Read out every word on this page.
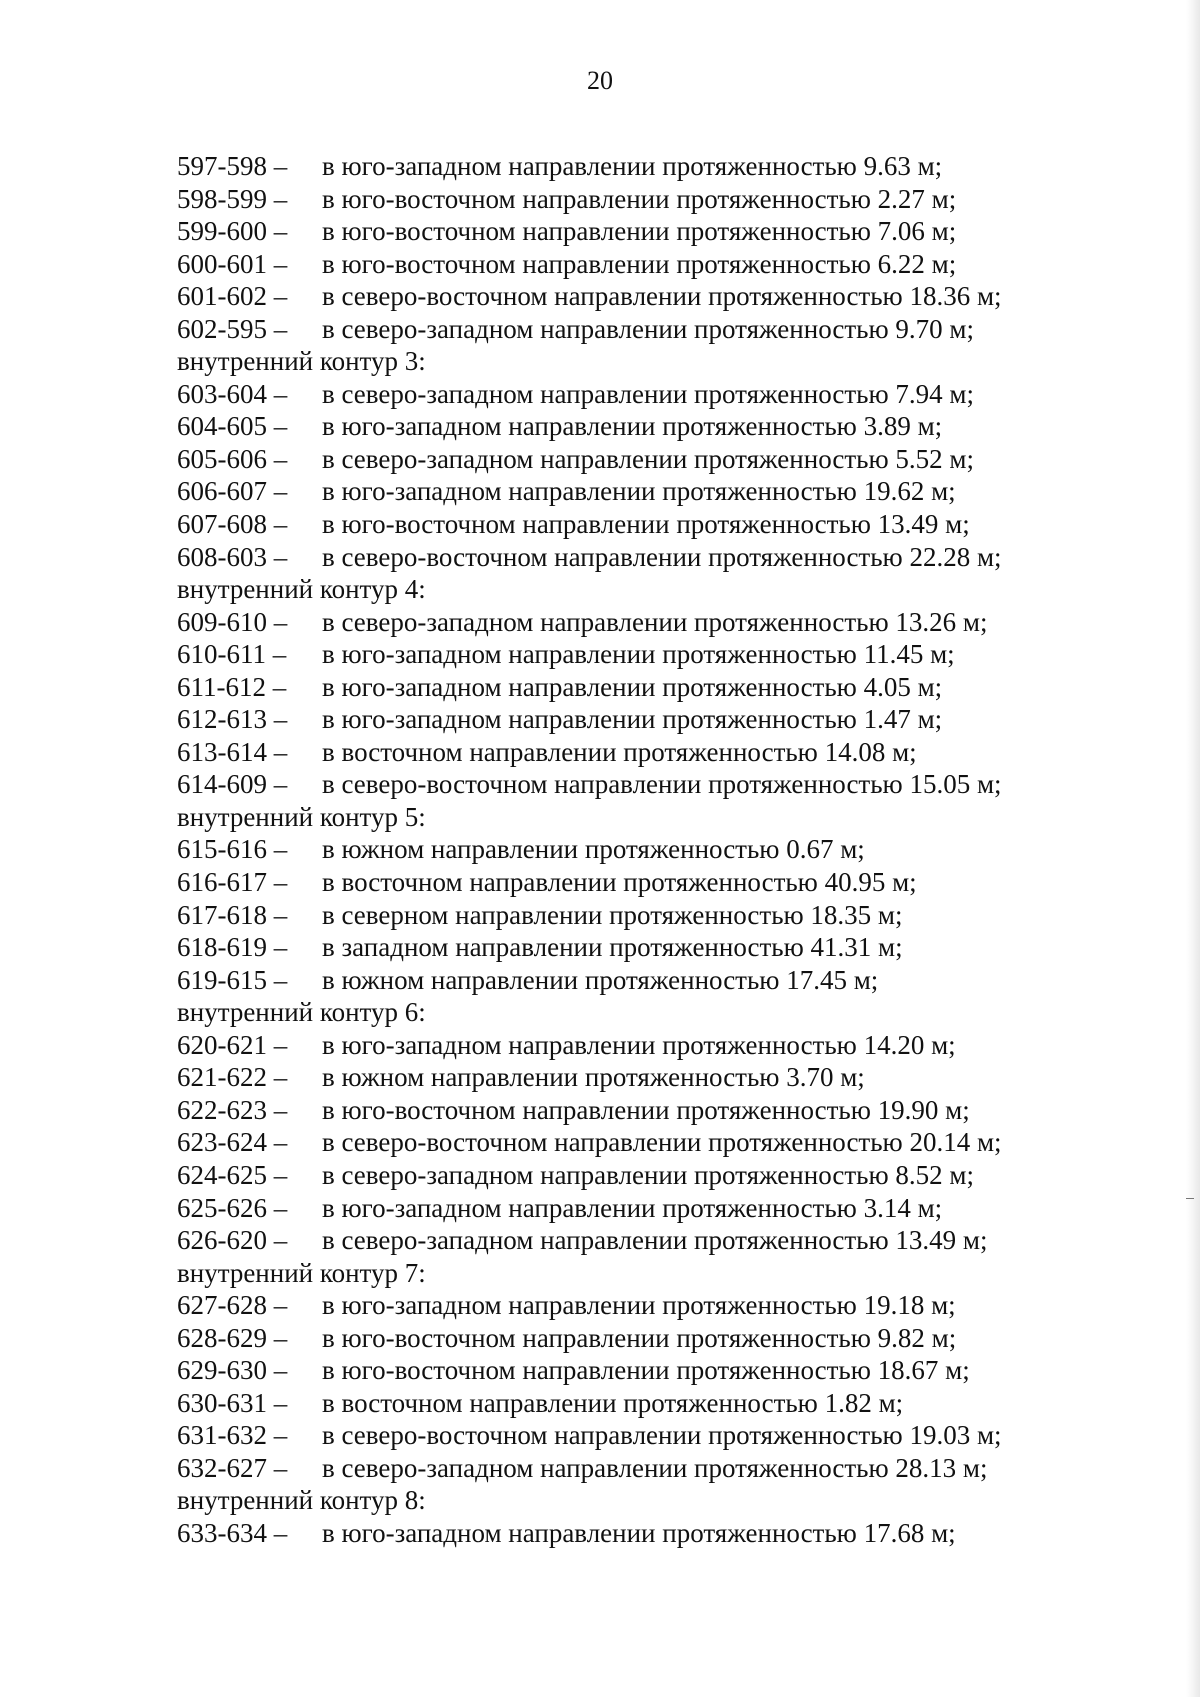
20
597-598 – в юго-западном направлении протяженностью 9.63 м;
598-599 – в юго-восточном направлении протяженностью 2.27 м;
599-600 – в юго-восточном направлении протяженностью 7.06 м;
600-601 – в юго-восточном направлении протяженностью 6.22 м;
601-602 – в северо-восточном направлении протяженностью 18.36 м;
602-595 – в северо-западном направлении протяженностью 9.70 м;
внутренний контур 3:
603-604 – в северо-западном направлении протяженностью 7.94 м;
604-605 – в юго-западном направлении протяженностью 3.89 м;
605-606 – в северо-западном направлении протяженностью 5.52 м;
606-607 – в юго-западном направлении протяженностью 19.62 м;
607-608 – в юго-восточном направлении протяженностью 13.49 м;
608-603 – в северо-восточном направлении протяженностью 22.28 м;
внутренний контур 4:
609-610 – в северо-западном направлении протяженностью 13.26 м;
610-611 – в юго-западном направлении протяженностью 11.45 м;
611-612 – в юго-западном направлении протяженностью 4.05 м;
612-613 – в юго-западном направлении протяженностью 1.47 м;
613-614 – в восточном направлении протяженностью 14.08 м;
614-609 – в северо-восточном направлении протяженностью 15.05 м;
внутренний контур 5:
615-616 – в южном направлении протяженностью 0.67 м;
616-617 – в восточном направлении протяженностью 40.95 м;
617-618 – в северном направлении протяженностью 18.35 м;
618-619 – в западном направлении протяженностью 41.31 м;
619-615 – в южном направлении протяженностью 17.45 м;
внутренний контур 6:
620-621 – в юго-западном направлении протяженностью 14.20 м;
621-622 – в южном направлении протяженностью 3.70 м;
622-623 – в юго-восточном направлении протяженностью 19.90 м;
623-624 – в северо-восточном направлении протяженностью 20.14 м;
624-625 – в северо-западном направлении протяженностью 8.52 м;
625-626 – в юго-западном направлении протяженностью 3.14 м;
626-620 – в северо-западном направлении протяженностью 13.49 м;
внутренний контур 7:
627-628 – в юго-западном направлении протяженностью 19.18 м;
628-629 – в юго-восточном направлении протяженностью 9.82 м;
629-630 – в юго-восточном направлении протяженностью 18.67 м;
630-631 – в восточном направлении протяженностью 1.82 м;
631-632 – в северо-восточном направлении протяженностью 19.03 м;
632-627 – в северо-западном направлении протяженностью 28.13 м;
внутренний контур 8:
633-634 – в юго-западном направлении протяженностью 17.68 м;
